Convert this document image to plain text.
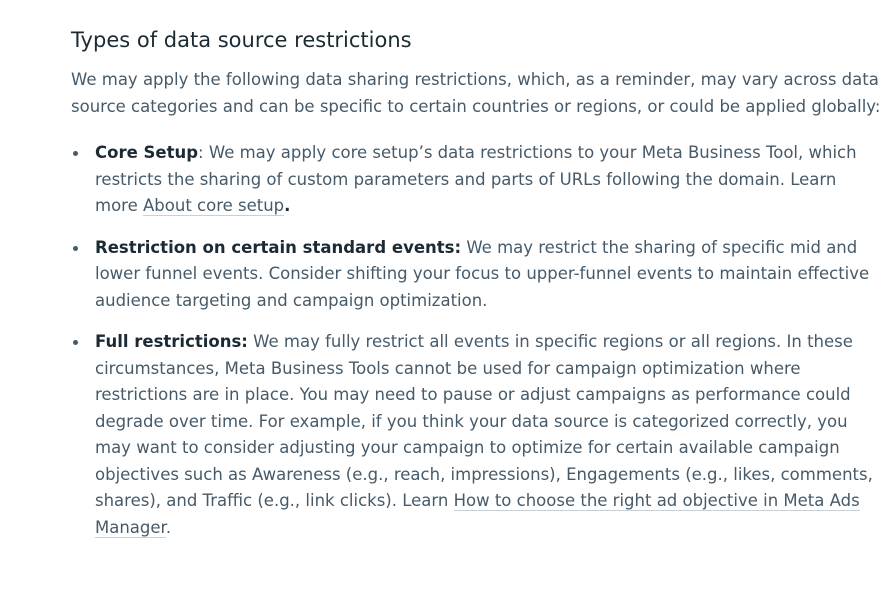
Types of data source restrictions

We may apply the following data sharing restrictions, which, as a reminder, may vary across data source categories and can be specific to certain countries or regions, or could be applied globally:

Core Setup: We may apply core setup’s data restrictions to your Meta Business Tool, which restricts the sharing of custom parameters and parts of URLs following the domain. Learn more About core setup.
Restriction on certain standard events: We may restrict the sharing of specific mid and lower funnel events. Consider shifting your focus to upper-funnel events to maintain effective audience targeting and campaign optimization.
Full restrictions: We may fully restrict all events in specific regions or all regions. In these circumstances, Meta Business Tools cannot be used for campaign optimization where restrictions are in place. You may need to pause or adjust campaigns as performance could degrade over time. For example, if you think your data source is categorized correctly, you may want to consider adjusting your campaign to optimize for certain available campaign objectives such as Awareness (e.g., reach, impressions), Engagements (e.g., likes, comments, shares), and Traffic (e.g., link clicks). Learn How to choose the right ad objective in Meta Ads Manager.
